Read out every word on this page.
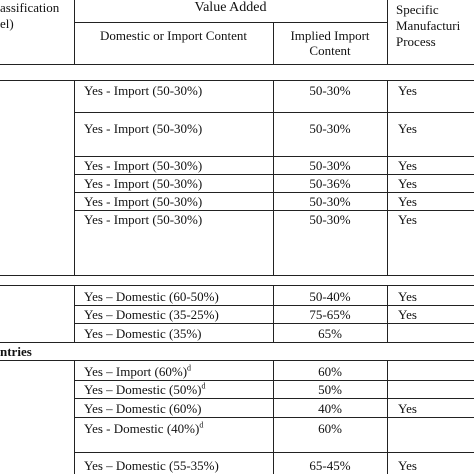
assification
el)
Value Added
Domestic or Import Content	Implied Import
Content
Specific
Manufacturi
Process
ntries
Yes - Import (50-30%)	50-30%	Yes
Yes - Import (50-30%)	50-30%	Yes
Yes - Import (50-30%)	50-30%	Yes
Yes - Import (50-30%)	50-36%	Yes
Yes - Import (50-30%)	50-30%	Yes
Yes - Import (50-30%)	50-30%	Yes
Yes – Domestic (60-50%)	50-40%	Yes
Yes – Domestic (35-25%)	75-65%	Yes
Yes – Domestic (35%)	65%
Yes – Import $(60\%)^d$	60%
Yes – Domestic $(50\%)^d$	50%
Yes – Domestic (60%)	40%	Yes
Yes - Domestic $(40\%)^d$	60%
Yes – Domestic (55-35%)	65-45%	Yes
